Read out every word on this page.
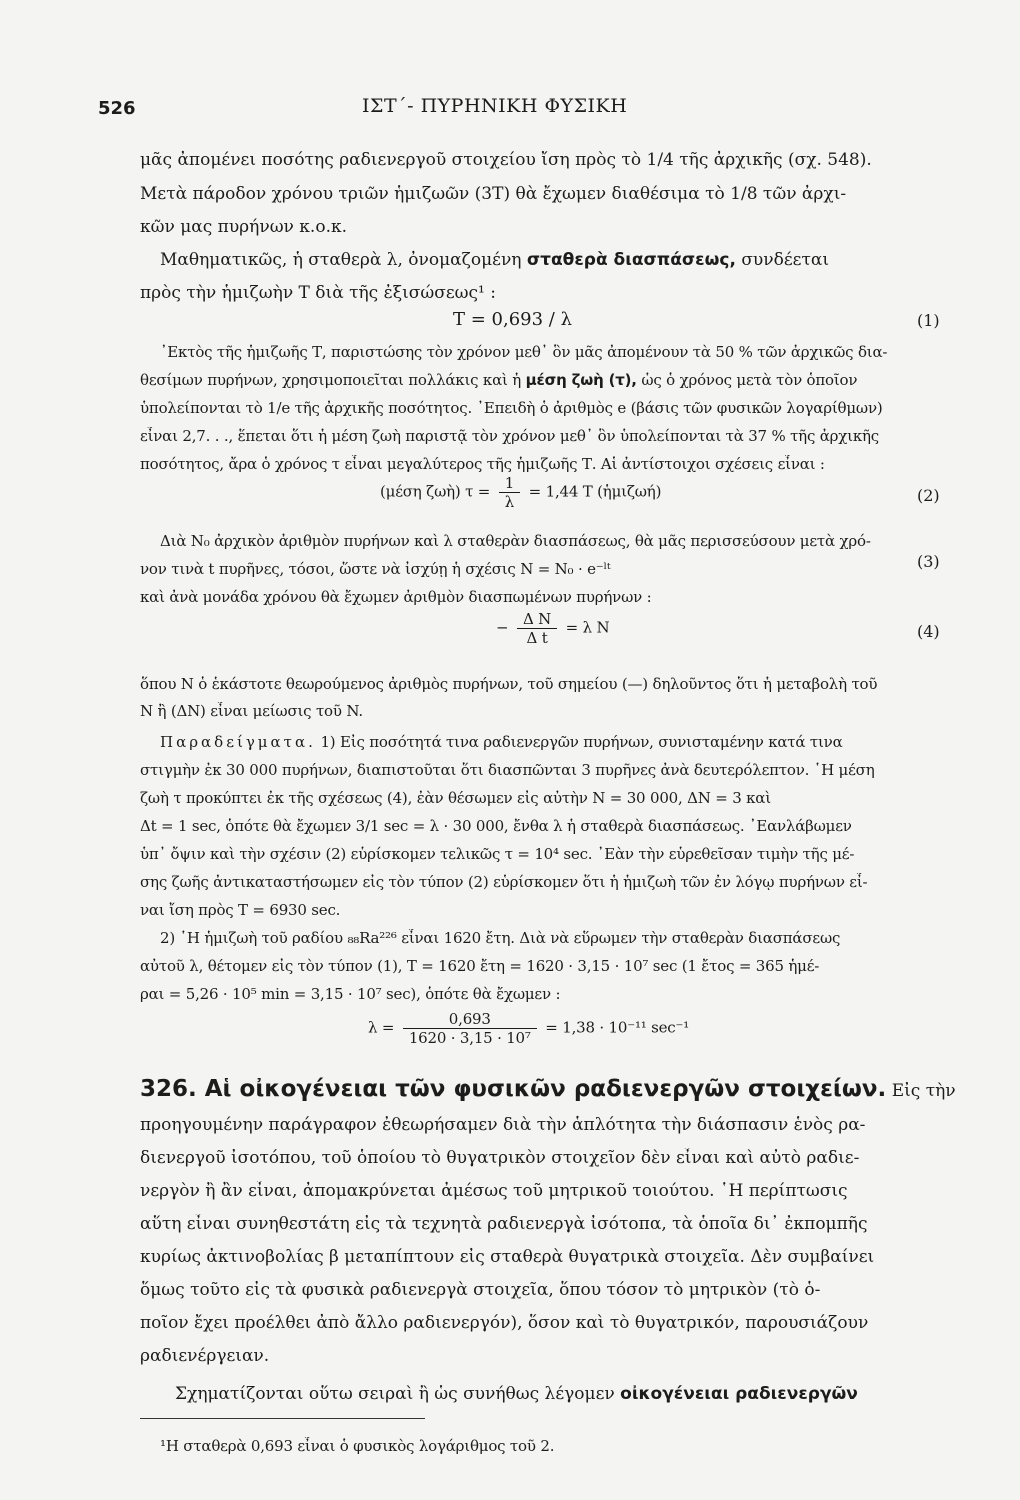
526	ΙΣΤ΄- ΠΥΡΗΝΙΚΗ ΦΥΣΙΚΗ
μᾶς ἀπομένει ποσότης ραδιενεργοῦ στοιχείου ἴση πρὸς τὸ 1/4 τῆς ἀρχικῆς (σχ. 548).
Μετὰ πάροδον χρόνου τριῶν ἡμιζωῶν (3Τ) θὰ ἔχωμεν διαθέσιμα τὸ 1/8 τῶν ἀρχι-
κῶν μας πυρήνων κ.ο.κ.
Μαθηματικῶς, ἡ σταθερὰ λ, ὀνομαζομένη σταθερὰ διασπάσεως, συνδέεται
πρὸς τὴν ἡμιζωὴν Τ διὰ τῆς ἐξισώσεως¹ :
Τ = 0,693 / λ	(1)
᾿Εκτὸς τῆς ἡμιζωῆς Τ, παριστώσης τὸν χρόνον μεθ᾿ ὃν μᾶς ἀπομένουν τὰ 50 % τῶν ἀρχικῶς δια-
θεσίμων πυρήνων, χρησιμοποιεῖται πολλάκις καὶ ἡ μέση ζωὴ (τ), ὡς ὁ χρόνος μετὰ τὸν ὁποῖον
ὑπολείπονται τὸ 1/e τῆς ἀρχικῆς ποσότητος. ᾿Επειδὴ ὁ ἀριθμὸς e (βάσις τῶν φυσικῶν λογαρίθμων)
εἶναι 2,7. . ., ἕπεται ὅτι ἡ μέση ζωὴ παριστᾷ τὸν χρόνον μεθ᾿ ὃν ὑπολείπονται τὰ 37 % τῆς ἀρχικῆς
ποσότητος, ἄρα ὁ χρόνος τ εἶναι μεγαλύτερος τῆς ἡμιζωῆς Τ. Αἱ ἀντίστοιχοι σχέσεις εἶναι :
(μέση ζωὴ) $\tau = \frac{1}{\lambda} = 1,44$ Τ (ἡμιζωή)	(2)
Διὰ N₀ ἀρχικὸν ἀριθμὸν πυρήνων καὶ λ σταθερὰν διασπάσεως, θὰ μᾶς περισσεύσουν μετὰ χρό-
νον τινὰ t πυρῆνες, τόσοι, ὥστε νὰ ἰσχύῃ ἡ σχέσις N = N₀ · e⁻ˡᵗ	(3)
καὶ ἀνὰ μονάδα χρόνου θὰ ἔχωμεν ἀριθμὸν διασπωμένων πυρήνων :
− $\frac{\text{Δ N}}{\text{Δ t}} = \lambda$ N	(4)
ὅπου N ὁ ἑκάστοτε θεωρούμενος ἀριθμὸς πυρήνων, τοῦ σημείου (—) δηλοῦντος ὅτι ἡ μεταβολὴ τοῦ
N ἢ (ΔN) εἶναι μείωσις τοῦ N.
Παραδείγματα. 1) Εἰς ποσότητά τινα ραδιενεργῶν πυρήνων, συνισταμένην κατά τινα
στιγμὴν ἐκ 30 000 πυρήνων, διαπιστοῦται ὅτι διασπῶνται 3 πυρῆνες ἀνὰ δευτερόλεπτον. ῾Η μέση
ζωὴ τ προκύπτει ἐκ τῆς σχέσεως (4), ἐὰν θέσωμεν εἰς αὐτὴν N = 30 000, ΔN = 3 καὶ
Δt = 1 sec, ὁπότε θὰ ἔχωμεν 3/1 sec = λ · 30 000, ἔνθα λ ἡ σταθερὰ διασπάσεως. ᾿Εανλάβωμεν
ὑπ᾿ ὄψιν καὶ τὴν σχέσιν (2) εὑρίσκομεν τελικῶς τ = 10⁴ sec. ᾿Εὰν τὴν εὑρεθεῖσαν τιμὴν τῆς μέ-
σης ζωῆς ἀντικαταστήσωμεν εἰς τὸν τύπον (2) εὑρίσκομεν ὅτι ἡ ἡμιζωὴ τῶν ἐν λόγῳ πυρήνων εἶ-
ναι ἴση πρὸς Τ = 6930 sec.
2) ῾Η ἡμιζωὴ τοῦ ραδίου ₈₈Ra²²⁶ εἶναι 1620 ἔτη. Διὰ νὰ εὕρωμεν τὴν σταθερὰν διασπάσεως
αὐτοῦ λ, θέτομεν εἰς τὸν τύπον (1), Τ = 1620 ἔτη = 1620 · 3,15 · 10⁷ sec (1 ἔτος = 365 ἡμέ-
ραι = 5,26 · 10⁵ min = 3,15 · 10⁷ sec), ὁπότε θὰ ἔχωμεν :
$\lambda = \frac{0,693}{\text{1620 · 3,15 · 10⁷}} = 1,38 \cdot 10^{-11}$ sec⁻¹
326. Αἱ οἰκογένειαι τῶν φυσικῶν ραδιενεργῶν στοιχείων. Εἰς τὴν
προηγουμένην παράγραφον ἐθεωρήσαμεν διὰ τὴν ἁπλότητα τὴν διάσπασιν ἑνὸς ρα-
διενεργοῦ ἰσοτόπου, τοῦ ὁποίου τὸ θυγατρικὸν στοιχεῖον δὲν εἶναι καὶ αὐτὸ ραδιε-
νεργὸν ἢ ἂν εἶναι, ἀπομακρύνεται ἀμέσως τοῦ μητρικοῦ τοιούτου. ῾Η περίπτωσις
αὕτη εἶναι συνηθεστάτη εἰς τὰ τεχνητὰ ραδιενεργὰ ἰσότοπα, τὰ ὁποῖα δι᾿ ἐκπομπῆς
κυρίως ἀκτινοβολίας β μεταπίπτουν εἰς σταθερὰ θυγατρικὰ στοιχεῖα. Δὲν συμβαίνει
ὅμως τοῦτο εἰς τὰ φυσικὰ ραδιενεργὰ στοιχεῖα, ὅπου τόσον τὸ μητρικὸν (τὸ ὁ-
ποῖον ἔχει προέλθει ἀπὸ ἄλλο ραδιενεργόν), ὅσον καὶ τὸ θυγατρικόν, παρουσιάζουν
ραδιενέργειαν.
Σχηματίζονται οὕτω σειραὶ ἢ ὡς συνήθως λέγομεν οἰκογένειαι ραδιενεργῶν
¹Η σταθερὰ 0,693 εἶναι ὁ φυσικὸς λογάριθμος τοῦ 2.
